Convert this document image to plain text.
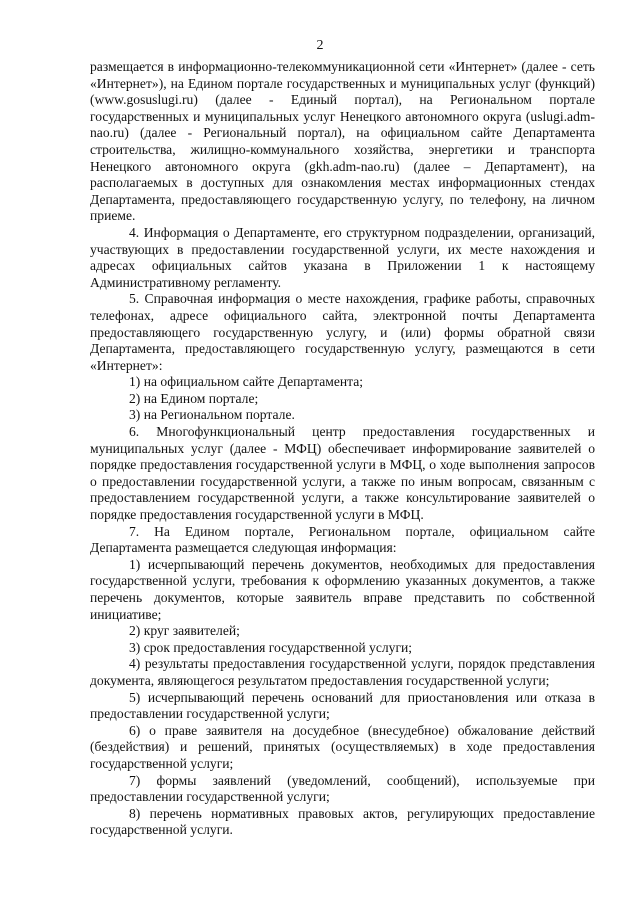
2

размещается в информационно-телекоммуникационной сети «Интернет» (далее - сеть «Интернет»), на Едином портале государственных и муниципальных услуг (функций) (www.gosuslugi.ru) (далее - Единый портал), на Региональном портале государственных и муниципальных услуг Ненецкого автономного округа (uslugi.adm-nao.ru) (далее - Региональный портал), на официальном сайте Департамента строительства, жилищно-коммунального хозяйства, энергетики и транспорта Ненецкого автономного округа (gkh.adm-nao.ru) (далее – Департамент), на располагаемых в доступных для ознакомления местах информационных стендах Департамента, предоставляющего государственную услугу, по телефону, на личном приеме.

4. Информация о Департаменте, его структурном подразделении, организаций, участвующих в предоставлении государственной услуги, их месте нахождения и адресах официальных сайтов указана в Приложении 1 к настоящему Административному регламенту.

5. Справочная информация о месте нахождения, графике работы, справочных телефонах, адресе официального сайта, электронной почты Департамента предоставляющего государственную услугу, и (или) формы обратной связи Департамента, предоставляющего государственную услугу, размещаются в сети «Интернет»:

1) на официальном сайте Департамента;

2) на Едином портале;

3) на Региональном портале.

6. Многофункциональный центр предоставления государственных и муниципальных услуг (далее - МФЦ) обеспечивает информирование заявителей о порядке предоставления государственной услуги в МФЦ, о ходе выполнения запросов о предоставлении государственной услуги, а также по иным вопросам, связанным с предоставлением государственной услуги, а также консультирование заявителей о порядке предоставления государственной услуги в МФЦ.

7. На Едином портале, Региональном портале, официальном сайте Департамента размещается следующая информация:

1) исчерпывающий перечень документов, необходимых для предоставления государственной услуги, требования к оформлению указанных документов, а также перечень документов, которые заявитель вправе представить по собственной инициативе;

2) круг заявителей;

3) срок предоставления государственной услуги;

4) результаты предоставления государственной услуги, порядок представления документа, являющегося результатом предоставления государственной услуги;

5) исчерпывающий перечень оснований для приостановления или отказа в предоставлении государственной услуги;

6) о праве заявителя на досудебное (внесудебное) обжалование действий (бездействия) и решений, принятых (осуществляемых) в ходе предоставления государственной услуги;

7) формы заявлений (уведомлений, сообщений), используемые при предоставлении государственной услуги;

8) перечень нормативных правовых актов, регулирующих предоставление государственной услуги.
